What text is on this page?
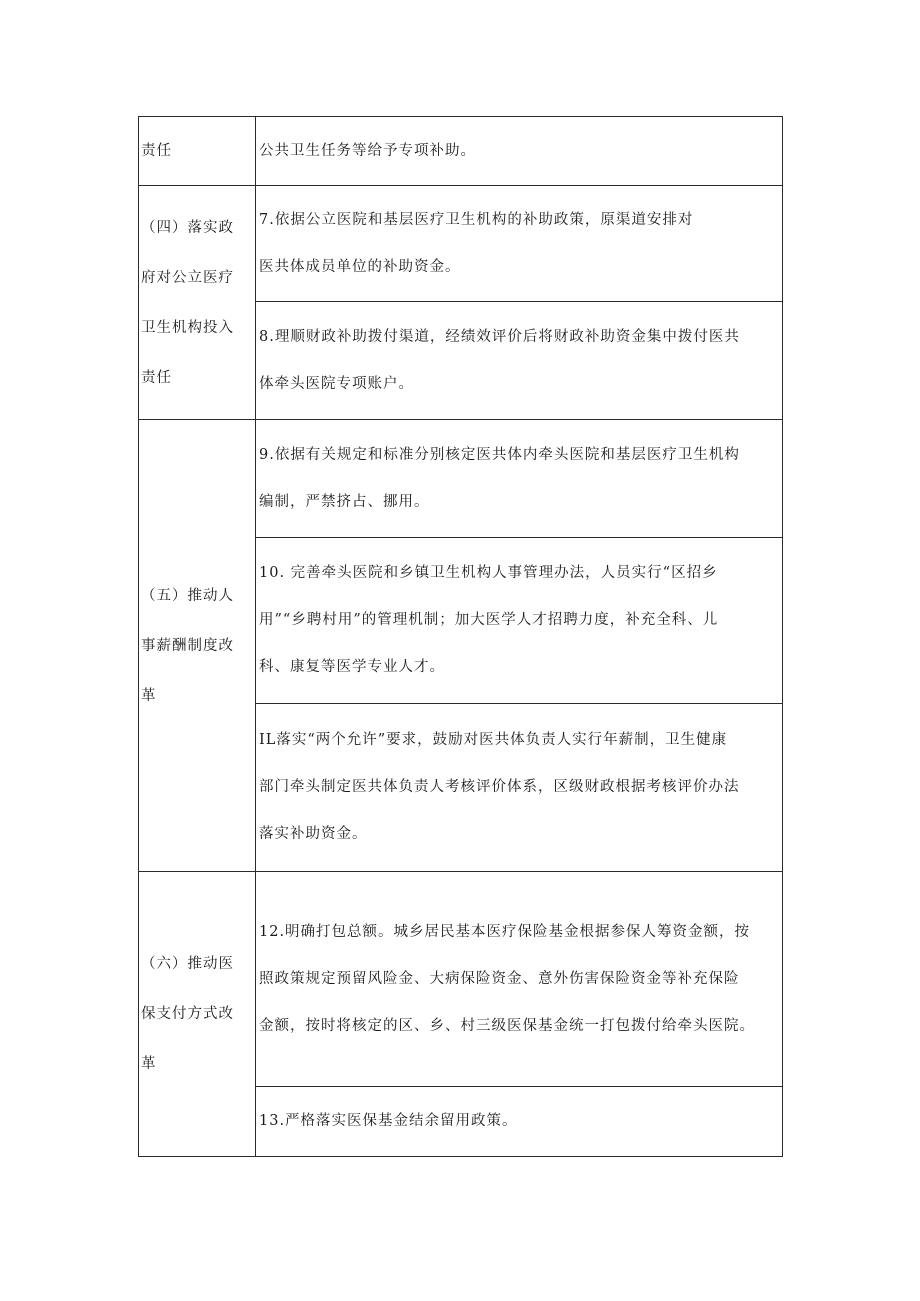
责任	公共卫生任务等给予专项补助。

（四）落实政
府对公立医疗
卫生机构投入
责任	7.依据公立医院和基层医疗卫生机构的补助政策，原渠道安排对
医共体成员单位的补助资金。

	8.理顺财政补助拨付渠道，经绩效评价后将财政补助资金集中拨付医共
体牵头医院专项账户。

（五）推动人
事薪酬制度改
革	9.依据有关规定和标准分别核定医共体内牵头医院和基层医疗卫生机构
编制，严禁挤占、挪用。

	10. 完善牵头医院和乡镇卫生机构人事管理办法，人员实行“区招乡
用”“乡聘村用”的管理机制；加大医学人才招聘力度，补充全科、儿
科、康复等医学专业人才。

	IL落实“两个允许”要求，鼓励对医共体负责人实行年薪制，卫生健康
部门牵头制定医共体负责人考核评价体系，区级财政根据考核评价办法
落实补助资金。

（六）推动医
保支付方式改
革	12.明确打包总额。城乡居民基本医疗保险基金根据参保人筹资金额，按
照政策规定预留风险金、大病保险资金、意外伤害保险资金等补充保险
金额，按时将核定的区、乡、村三级医保基金统一打包拨付给牵头医院。

	13.严格落实医保基金结余留用政策。
